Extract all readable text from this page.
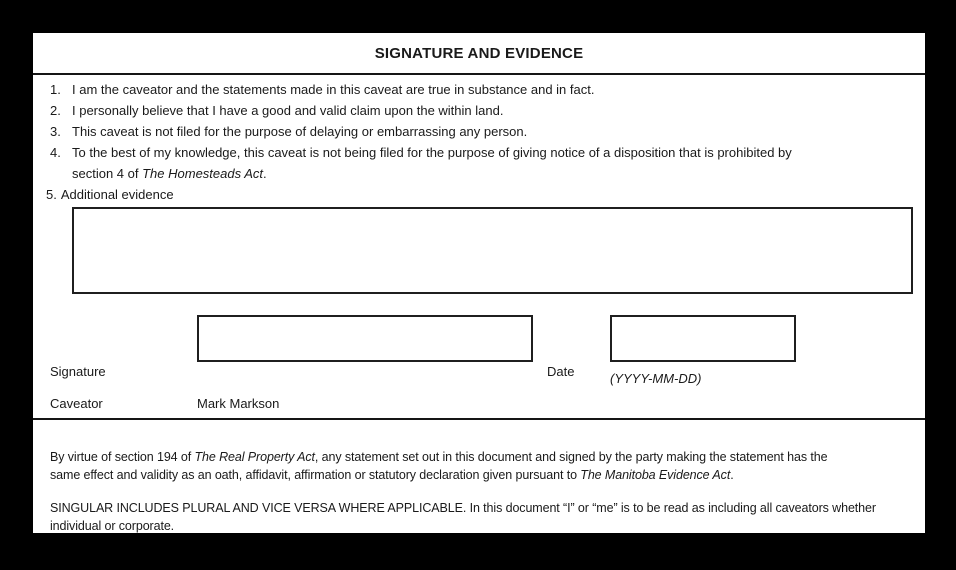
SIGNATURE AND EVIDENCE
1. I am the caveator and the statements made in this caveat are true in substance and in fact.
2. I personally believe that I have a good and valid claim upon the within land.
3. This caveat is not filed for the purpose of delaying or embarrassing any person.
4. To the best of my knowledge, this caveat is not being filed for the purpose of giving notice of a disposition that is prohibited by
section 4 of The Homesteads Act.
5. Additional evidence
Signature	Date	(YYYY-MM-DD)
Caveator	Mark Markson

By virtue of section 194 of The Real Property Act, any statement set out in this document and signed by the party making the statement has the
same effect and validity as an oath, affidavit, affirmation or statutory declaration given pursuant to The Manitoba Evidence Act.

SINGULAR INCLUDES PLURAL AND VICE VERSA WHERE APPLICABLE. In this document “I” or “me” is to be read as including all caveators whether
individual or corporate.
